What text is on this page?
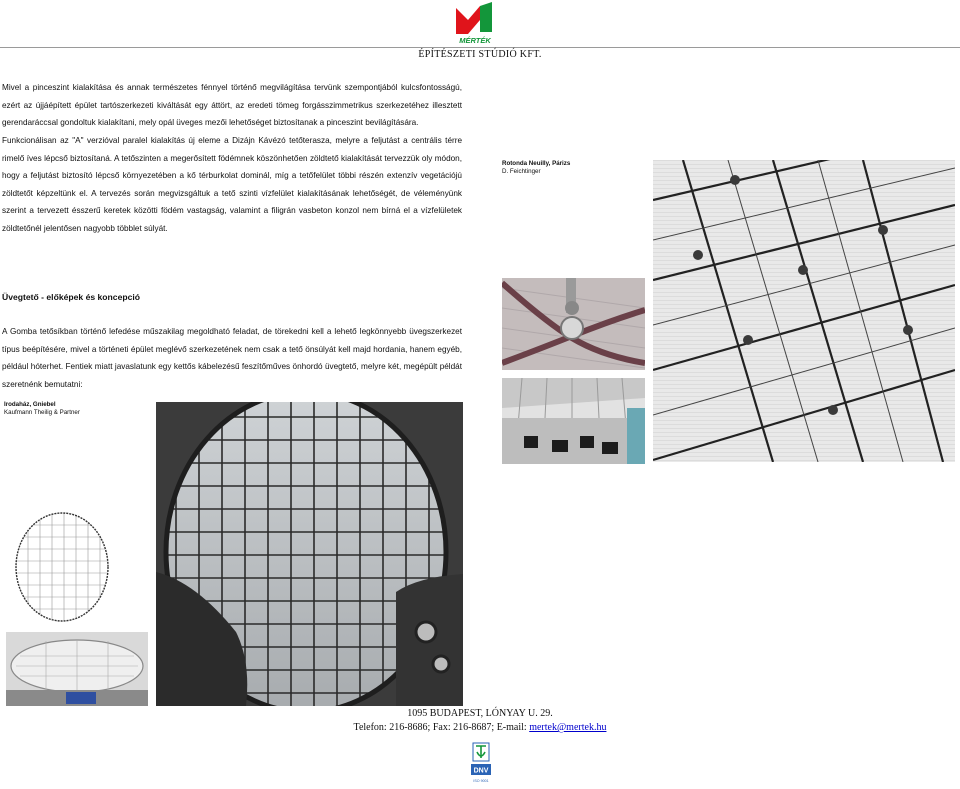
MÉRTÉK
ÉPÍTÉSZETI STÚDIÓ KFT.

Mivel a pinceszint kialakítása és annak természetes fénnyel történő megvilágítása tervünk szempontjából kulcsfontosságú, ezért az újjáépített épület tartószerkezeti kiváltását egy áttört, az eredeti tömeg forgásszimmetrikus szerkezetéhez illesztett gerendaráccsal gondoltuk kialakítani, mely opál üveges mezői lehetőséget biztosítanak a pinceszint bevilágítására.

Funkcionálisan az "A" verzióval paralel kialakítás új eleme a Dizájn Kávézó tetőterasza, melyre a feljutást a centrális térre rimelő íves lépcső biztosítaná. A tetőszinten a megerősített födémnek köszönhetően zöldtető kialakítását tervezzük oly módon, hogy a feljutást biztosító lépcső környezetében a kő térburkolat dominál, míg a tetőfelület többi részén extenzív vegetációjú zöldtetőt képzeltünk el. A tervezés során megvizsgáltuk a tető szinti vízfelület kialakításának lehetőségét, de véleményünk szerint a tervezett ésszerű keretek közötti födém vastagság, valamint a filigrán vasbeton konzol nem bírná el a vízfelületek zöldtetőnél jelentősen nagyobb többlet súlyát.

Üvegtető - előképek és koncepció

A Gomba tetősíkban történő lefedése műszakilag megoldható feladat, de törekedni kell a lehető legkönnyebb üvegszerkezet típus beépítésére, mivel a történeti épület meglévő szerkezetének nem csak a tető önsúlyát kell majd hordania, hanem egyéb, például hóterhet. Fentiek miatt javaslatunk egy kettős kábelezésű feszítőműves önhordó üvegtető, melyre két, megépült példát szeretnénk bemutatni:

Rotonda Neuilly, Párizs
D. Feichtinger
Irodaház, Gniebel
Kaufmann Theilig & Partner
1095 BUDAPEST, LÓNYAY U. 29.
Telefon: 216-8686; Fax: 216-8687; E-mail: mertek@mertek.hu
DNV
ISO 9001
